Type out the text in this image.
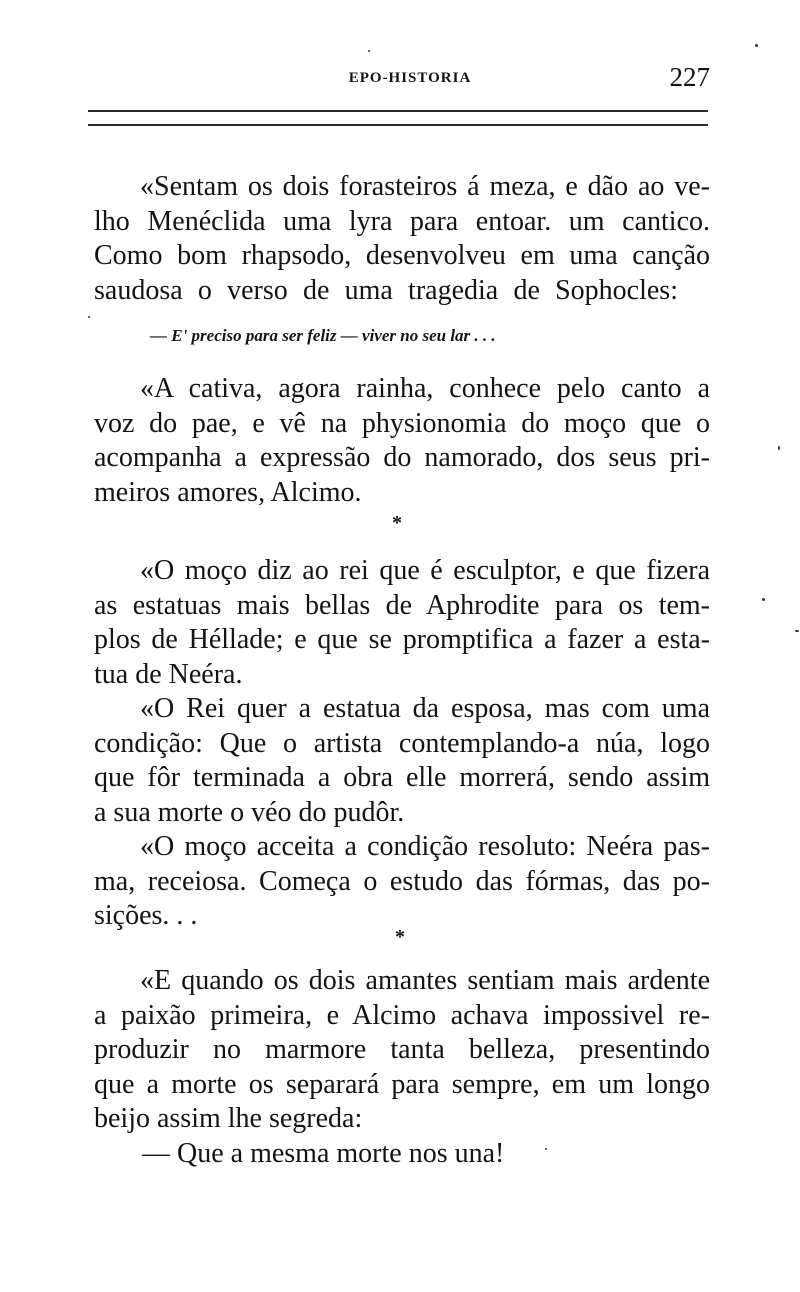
EPO-HISTORIA	227
«Sentam os dois forasteiros á meza, e dão ao ve-
lho Menéclida uma lyra para entoar. um cantico.
Como bom rhapsodo, desenvolveu em uma canção
saudosa o verso de uma tragedia de Sophocles:
— E' preciso para ser feliz — viver no seu lar . . .
«A cativa, agora rainha, conhece pelo canto a
voz do pae, e vê na physionomia do moço que o
acompanha a expressão do namorado, dos seus pri-
meiros amores, Alcimo.
*
«O moço diz ao rei que é esculptor, e que fizera
as estatuas mais bellas de Aphrodite para os tem-
plos de Héllade; e que se promptifica a fazer a esta-
tua de Neéra.
«O Rei quer a estatua da esposa, mas com uma
condição: Que o artista contemplando-a núa, logo
que fôr terminada a obra elle morrerá, sendo assim
a sua morte o véo do pudôr.
«O moço acceita a condição resoluto: Neéra pas-
ma, receiosa. Começa o estudo das fórmas, das po-
sições. . .
*
«E quando os dois amantes sentiam mais ardente
a paixão primeira, e Alcimo achava impossivel re-
produzir no marmore tanta belleza, presentindo
que a morte os separará para sempre, em um longo
beijo assim lhe segreda:
— Que a mesma morte nos una!
